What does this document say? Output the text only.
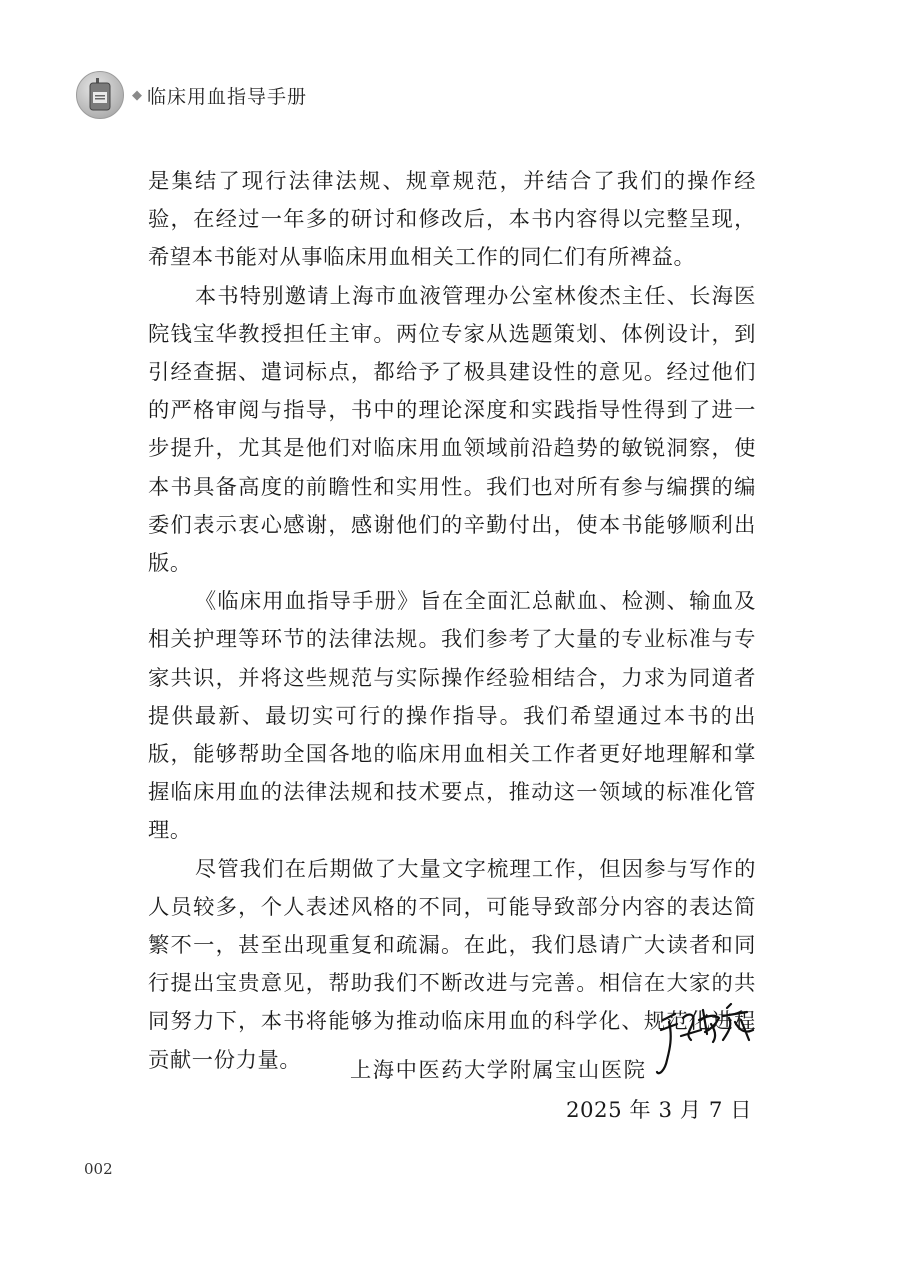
◆ 临床用血指导手册

是集结了现行法律法规、规章规范，并结合了我们的操作经验，在经过一年多的研讨和修改后，本书内容得以完整呈现，希望本书能对从事临床用血相关工作的同仁们有所裨益。

本书特别邀请上海市血液管理办公室林俊杰主任、长海医院钱宝华教授担任主审。两位专家从选题策划、体例设计，到引经查据、遣词标点，都给予了极具建设性的意见。经过他们的严格审阅与指导，书中的理论深度和实践指导性得到了进一步提升，尤其是他们对临床用血领域前沿趋势的敏锐洞察，使本书具备高度的前瞻性和实用性。我们也对所有参与编撰的编委们表示衷心感谢，感谢他们的辛勤付出，使本书能够顺利出版。

《临床用血指导手册》旨在全面汇总献血、检测、输血及相关护理等环节的法律法规。我们参考了大量的专业标准与专家共识，并将这些规范与实际操作经验相结合，力求为同道者提供最新、最切实可行的操作指导。我们希望通过本书的出版，能够帮助全国各地的临床用血相关工作者更好地理解和掌握临床用血的法律法规和技术要点，推动这一领域的标准化管理。

尽管我们在后期做了大量文字梳理工作，但因参与写作的人员较多，个人表述风格的不同，可能导致部分内容的表达简繁不一，甚至出现重复和疏漏。在此，我们恳请广大读者和同行提出宝贵意见，帮助我们不断改进与完善。相信在大家的共同努力下，本书将能够为推动临床用血的科学化、规范化进程贡献一份力量。	上海中医药大学附属宝山医院
2025 年 3 月 7 日
002
